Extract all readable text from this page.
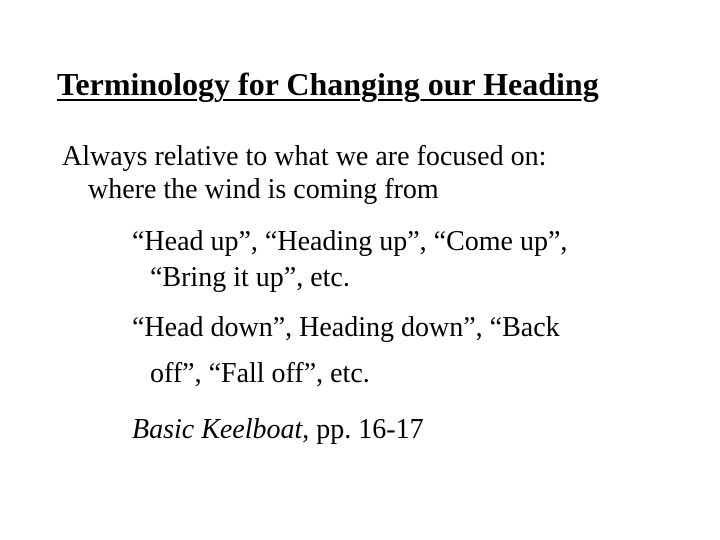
Terminology for Changing our Heading
Always relative to what we are focused on:
where the wind is coming from
“Head up”, “Heading up”, “Come up”,
“Bring it up”, etc.
“Head down”, Heading down”, “Back
off”, “Fall off”, etc.
Basic Keelboat, pp. 16-17
